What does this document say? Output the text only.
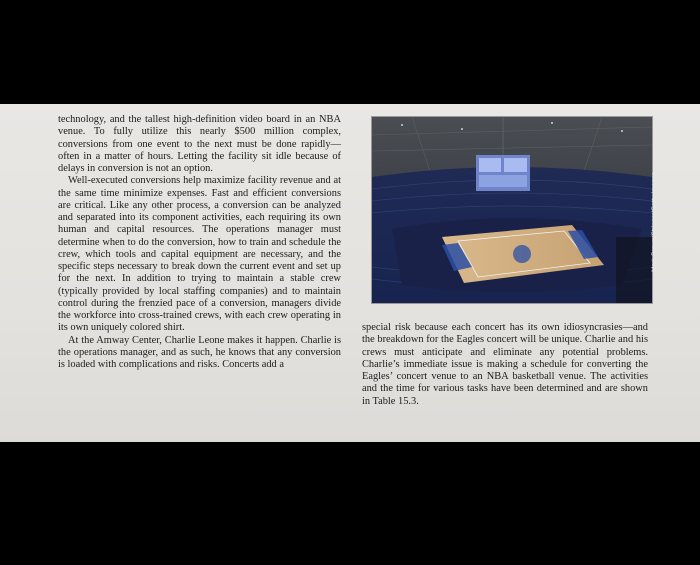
technology, and the tallest high-definition video board in an NBA venue. To fully utilize this nearly $500 million complex, conversions from one event to the next must be done rapidly—often in a matter of hours. Letting the facility sit idle because of delays in conversion is not an option.

Well-executed conversions help maximize facility revenue and at the same time minimize expenses. Fast and efficient conversions are critical. Like any other process, a conversion can be analyzed and separated into its component activities, each requiring its own human and capital resources. The operations manager must determine when to do the conversion, how to train and schedule the crew, which tools and capital equipment are necessary, and the specific steps necessary to break down the current event and set up for the next. In addition to trying to maintain a stable crew (typically provided by local staffing companies) and to maintain control during the frenzied pace of a conversion, managers divide the workforce into cross-trained crews, with each crew operating in its own uniquely colored shirt.

At the Amway Center, Charlie Leone makes it happen. Charlie is the operations manager, and as such, he knows that any conversion is loaded with complications and risks. Concerts add a

Mark Brown/Stringer/Getty Images

special risk because each concert has its own idiosyncrasies—and the breakdown for the Eagles concert will be unique. Charlie and his crews must anticipate and eliminate any potential problems. Charlie’s immediate issue is making a schedule for converting the Eagles’ concert venue to an NBA basketball venue. The activities and the time for various tasks have been determined and are shown in Table 15.3.
